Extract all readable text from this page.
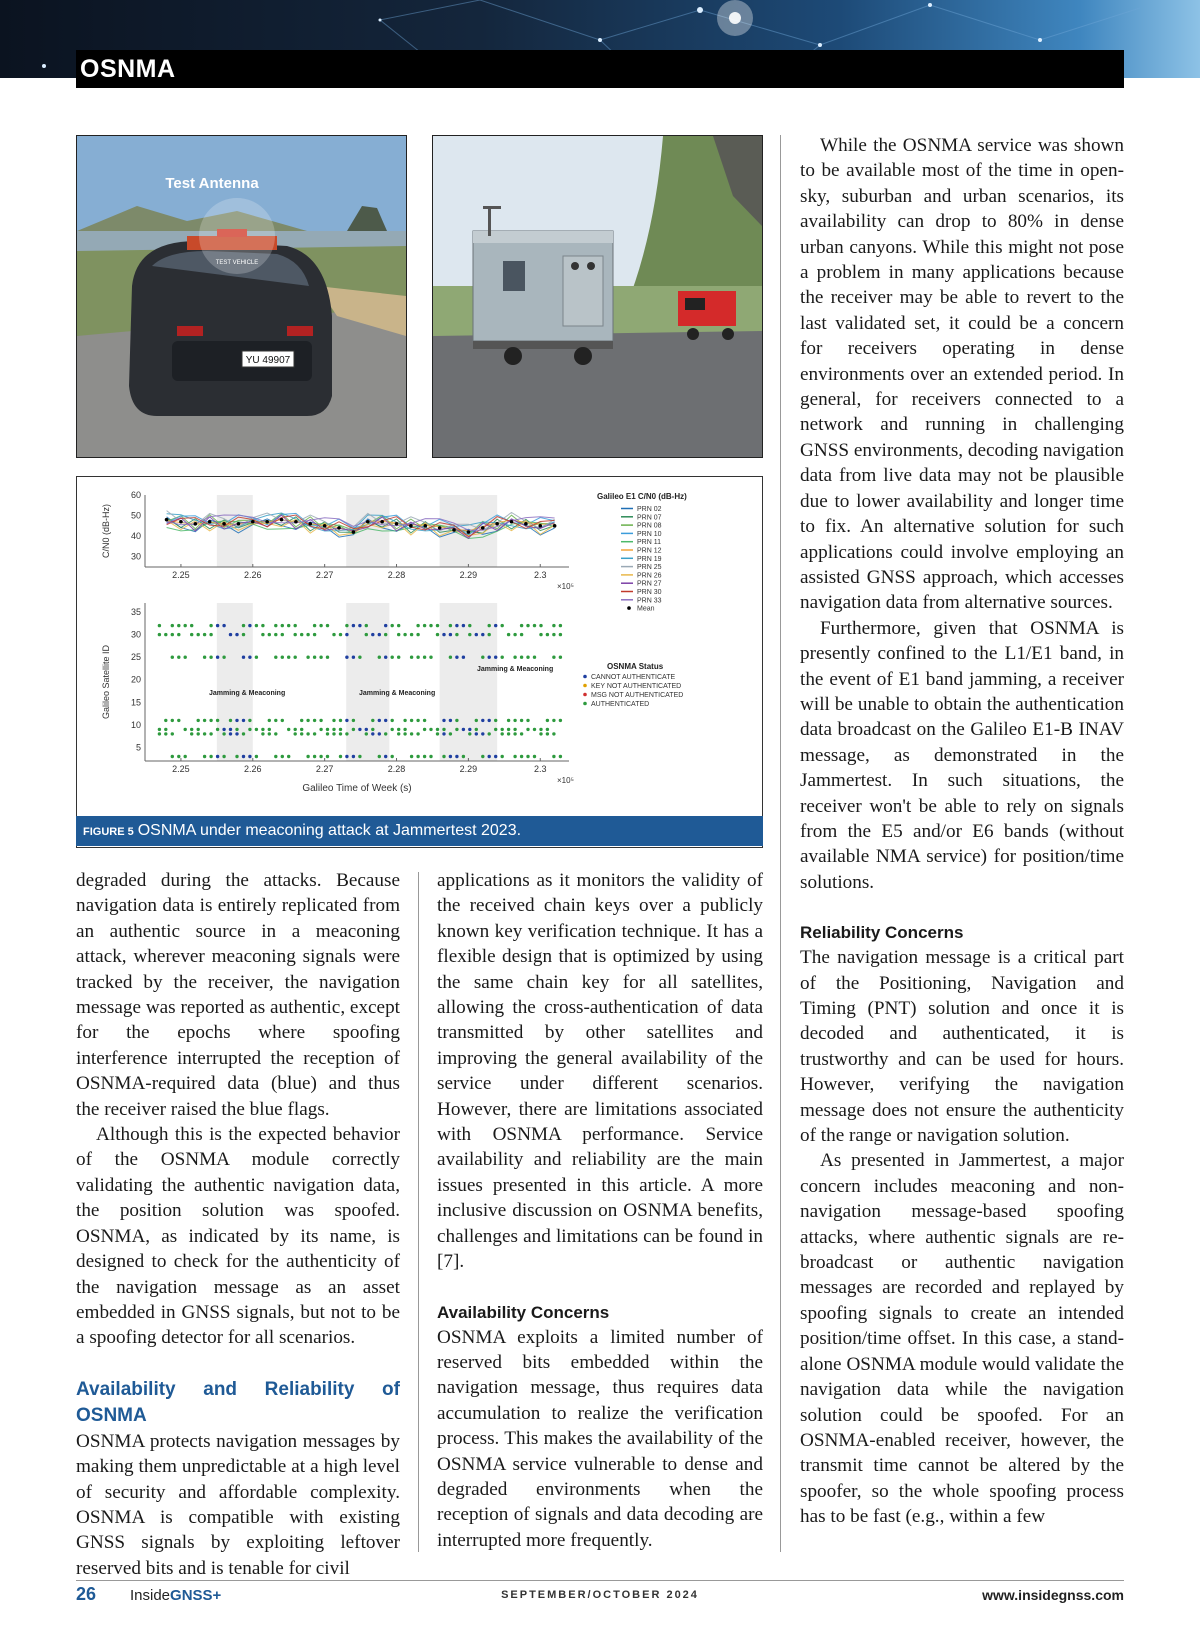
OSNMA
YU 49907
TEST VEHICLE
Test Antenna
2.25	2.26	2.27	2.28	2.29	2.3
×10⁵
2.25	2.26	2.27	2.28	2.29	2.3
×10⁵
30
40
50
60
C/N0 (dB-Hz)
5
10
15
20
25
30
35
Galileo Satellite ID
Galileo Time of Week (s)
Galileo E1 C/N0 (dB-Hz)
PRN 02
PRN 07
PRN 08
PRN 10
PRN 11
PRN 12
PRN 19
PRN 25
PRN 26
PRN 27
PRN 30
PRN 33
Mean
Jamming & Meaconing	Jamming & Meaconing
Jamming & Meaconing	OSNMA Status
CANNOT AUTHENTICATE
KEY NOT AUTHENTICATED
MSG NOT AUTHENTICATED
AUTHENTICATED
FIGURE 5 OSNMA under meaconing attack at Jammertest 2023.

degraded during the attacks. Because navigation data is entirely replicated from an authentic source in a meaconing attack, wherever meaconing signals were tracked by the receiver, the navigation message was reported as authentic, except for the epochs where spoofing interference interrupted the reception of OSNMA-required data (blue) and thus the receiver raised the blue flags.

Although this is the expected behavior of the OSNMA module correctly validating the authentic navigation data, the position solution was spoofed. OSNMA, as indicated by its name, is designed to check for the authenticity of the navigation message as an asset embedded in GNSS signals, but not to be a spoofing detector for all scenarios.

Availability and Reliability of OSNMA

OSNMA protects navigation messages by making them unpredictable at a high level of security and affordable complexity. OSNMA is compatible with existing GNSS signals by exploiting leftover reserved bits and is tenable for civil

applications as it monitors the validity of the received chain keys over a publicly known key verification technique. It has a flexible design that is optimized by using the same chain key for all satellites, allowing the cross-authentication of data transmitted by other satellites and improving the general availability of the service under different scenarios. However, there are limitations associated with OSNMA performance. Service availability and reliability are the main issues presented in this article. A more inclusive discussion on OSNMA benefits, challenges and limitations can be found in [7].

Availability Concerns

OSNMA exploits a limited number of reserved bits embedded within the navigation message, thus requires data accumulation to realize the verification process. This makes the availability of the OSNMA service vulnerable to dense and degraded environments when the reception of signals and data decoding are interrupted more frequently.

While the OSNMA service was shown to be available most of the time in open-sky, suburban and urban scenarios, its availability can drop to 80% in dense urban canyons. While this might not pose a problem in many applications because the receiver may be able to revert to the last validated set, it could be a concern for receivers operating in dense environments over an extended period. In general, for receivers connected to a network and running in challenging GNSS environments, decoding navigation data from live data may not be plausible due to lower availability and longer time to fix. An alternative solution for such applications could involve employing an assisted GNSS approach, which accesses navigation data from alternative sources.

Furthermore, given that OSNMA is presently confined to the L1/E1 band, in the event of E1 band jamming, a receiver will be unable to obtain the authentication data broadcast on the Galileo E1-B INAV message, as demonstrated in the Jammertest. In such situations, the receiver won't be able to rely on signals from the E5 and/or E6 bands (without available NMA service) for position/time solutions.

Reliability Concerns

The navigation message is a critical part of the Positioning, Navigation and Timing (PNT) solution and once it is decoded and authenticated, it is trustworthy and can be used for hours. However, verifying the navigation message does not ensure the authenticity of the range or navigation solution.

As presented in Jammertest, a major concern includes meaconing and non-navigation message-based spoofing attacks, where authentic signals are re-broadcast or authentic navigation messages are recorded and replayed by spoofing signals to create an intended position/time offset. In this case, a stand-alone OSNMA module would validate the navigation data while the navigation solution could be spoofed. For an OSNMA-enabled receiver, however, the transmit time cannot be altered by the spoofer, so the whole spoofing process has to be fast (e.g., within a few

26 InsideGNSS+	SEPTEMBER/OCTOBER 2024	www.insidegnss.com
